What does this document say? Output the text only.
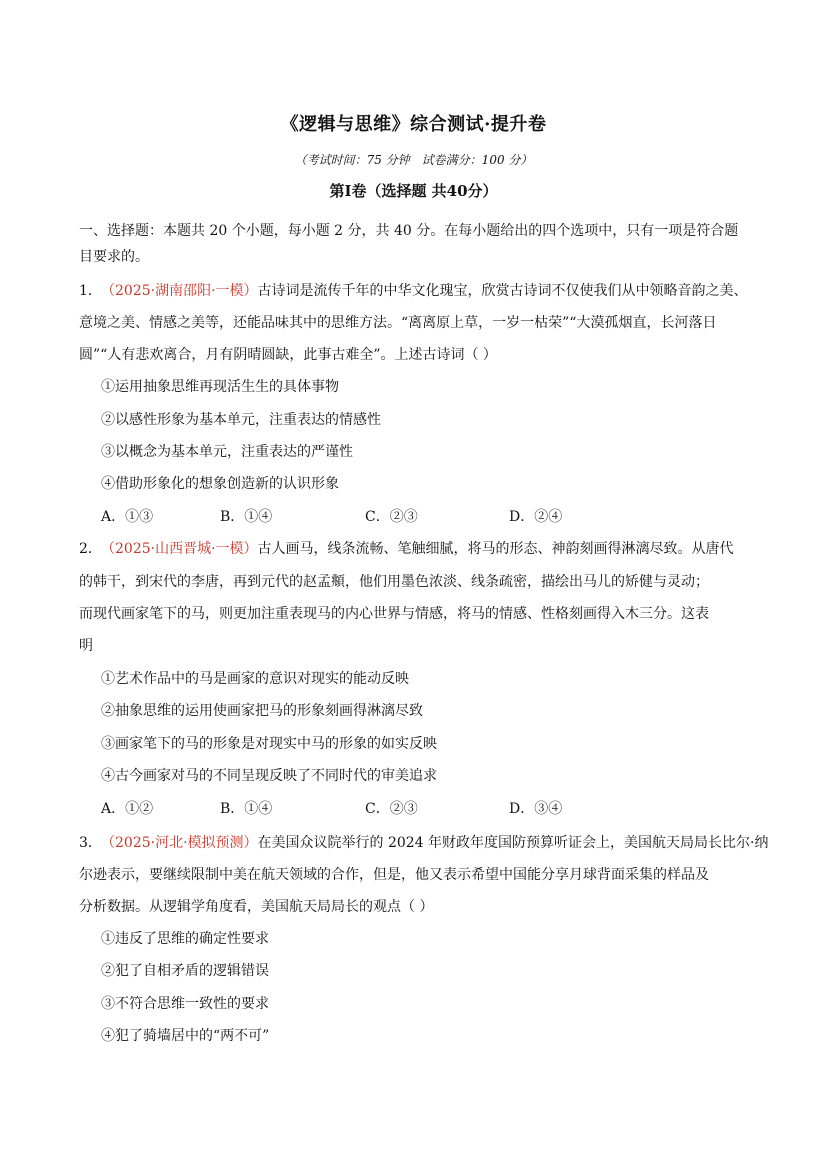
《逻辑与思维》综合测试·提升卷
（考试时间：75 分钟　试卷满分：100 分）
第Ⅰ卷（选择题 共40分）
一、选择题：本题共 20 个小题，每小题 2 分，共 40 分。在每小题给出的四个选项中，只有一项是符合题
目要求的。
1．（2025·湖南邵阳·一模）古诗词是流传千年的中华文化瑰宝，欣赏古诗词不仅使我们从中领略音韵之美、
意境之美、情感之美等，还能品味其中的思维方法。“离离原上草，一岁一枯荣”“大漠孤烟直，长河落日
圆”“人有悲欢离合，月有阴晴圆缺，此事古难全”。上述古诗词（ ）
①运用抽象思维再现活生生的具体事物
②以感性形象为基本单元，注重表达的情感性
③以概念为基本单元，注重表达的严谨性
④借助形象化的想象创造新的认识形象
A．①③	B．①④	C．②③	D．②④
2．（2025·山西晋城·一模）古人画马，线条流畅、笔触细腻，将马的形态、神韵刻画得淋漓尽致。从唐代
的韩干，到宋代的李唐，再到元代的赵孟頫，他们用墨色浓淡、线条疏密，描绘出马儿的矫健与灵动；
而现代画家笔下的马，则更加注重表现马的内心世界与情感，将马的情感、性格刻画得入木三分。这表
明
①艺术作品中的马是画家的意识对现实的能动反映
②抽象思维的运用使画家把马的形象刻画得淋漓尽致
③画家笔下的马的形象是对现实中马的形象的如实反映
④古今画家对马的不同呈现反映了不同时代的审美追求
A．①②	B．①④	C．②③	D．③④
3．（2025·河北·模拟预测）在美国众议院举行的 2024 年财政年度国防预算听证会上，美国航天局局长比尔·纳
尔逊表示，要继续限制中美在航天领域的合作，但是，他又表示希望中国能分享月球背面采集的样品及
分析数据。从逻辑学角度看，美国航天局局长的观点（ ）
①违反了思维的确定性要求
②犯了自相矛盾的逻辑错误
③不符合思维一致性的要求
④犯了骑墙居中的“两不可”
